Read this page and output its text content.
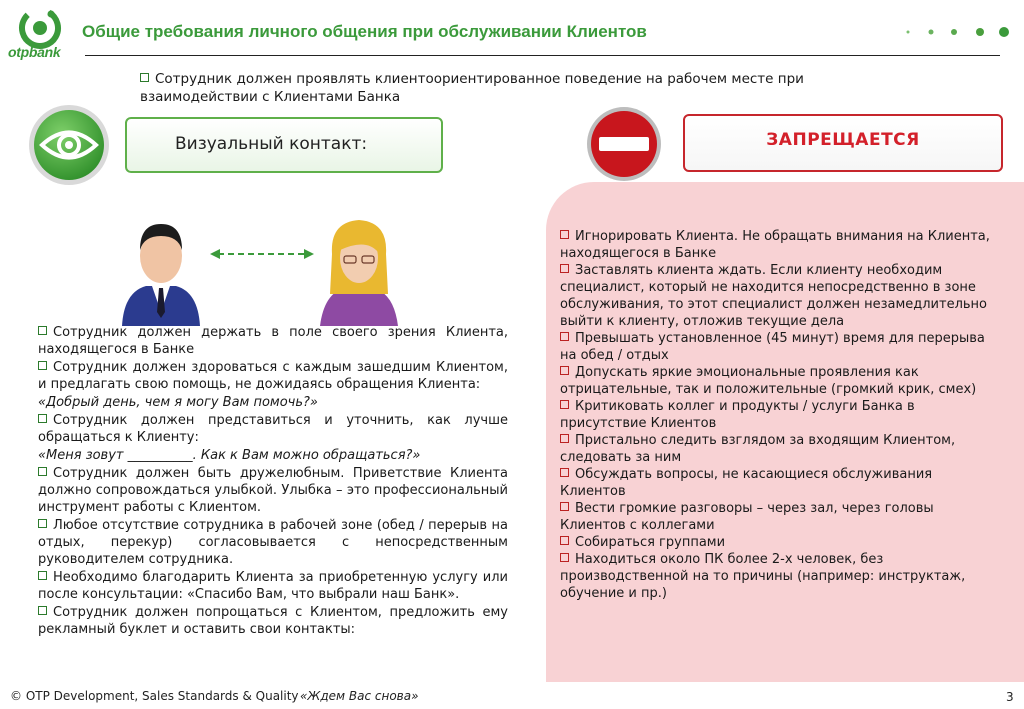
otpbank
Общие требования личного общения при обслуживании Клиентов
Сотрудник должен проявлять клиентоориентированное поведение на рабочем месте при взаимодействии с Клиентами Банка
Визуальный контакт:	ЗАПРЕЩАЕТСЯ

Сотрудник должен держать в поле своего зрения Клиента, находящегося в Банке

Сотрудник должен здороваться с каждым зашедшим Клиентом, и предлагать свою помощь, не дожидаясь обращения Клиента:

«Добрый день, чем я могу Вам помочь?»

Сотрудник должен представиться и уточнить, как лучше обращаться к Клиенту:

«Меня зовут __________. Как к Вам можно обращаться?»

Сотрудник должен быть дружелюбным. Приветствие Клиента должно сопровождаться улыбкой. Улыбка – это профессиональный инструмент работы с Клиентом.

Любое отсутствие сотрудника в рабочей зоне (обед / перерыв на отдых, перекур) согласовывается с непосредственным руководителем сотрудника.

Необходимо благодарить Клиента за приобретенную услугу или после консультации: «Спасибо Вам, что выбрали наш Банк».

Сотрудник должен попрощаться с Клиентом, предложить ему рекламный буклет и оставить свои контакты:

Игнорировать Клиента. Не обращать внимания на Клиента, находящегося в Банке

Заставлять клиента ждать. Если клиенту необходим специалист, который не находится непосредственно в зоне обслуживания, то этот специалист должен незамедлительно выйти к клиенту, отложив текущие дела

Превышать установленное (45 минут) время для перерыва на обед / отдых

Допускать яркие эмоциональные проявления как отрицательные, так и положительные (громкий крик, смех)

Критиковать коллег и продукты / услуги Банка в присутствие Клиентов

Пристально следить взглядом за входящим Клиентом, следовать за ним

Обсуждать вопросы, не касающиеся обслуживания Клиентов

Вести громкие разговоры – через зал, через головы Клиентов с коллегами

Собираться группами

Находиться около ПК более 2-х человек, без производственной на то причины (например: инструктаж, обучение и пр.)

© OTP Development, Sales Standards & Quality «Ждем Вас снова»	3
